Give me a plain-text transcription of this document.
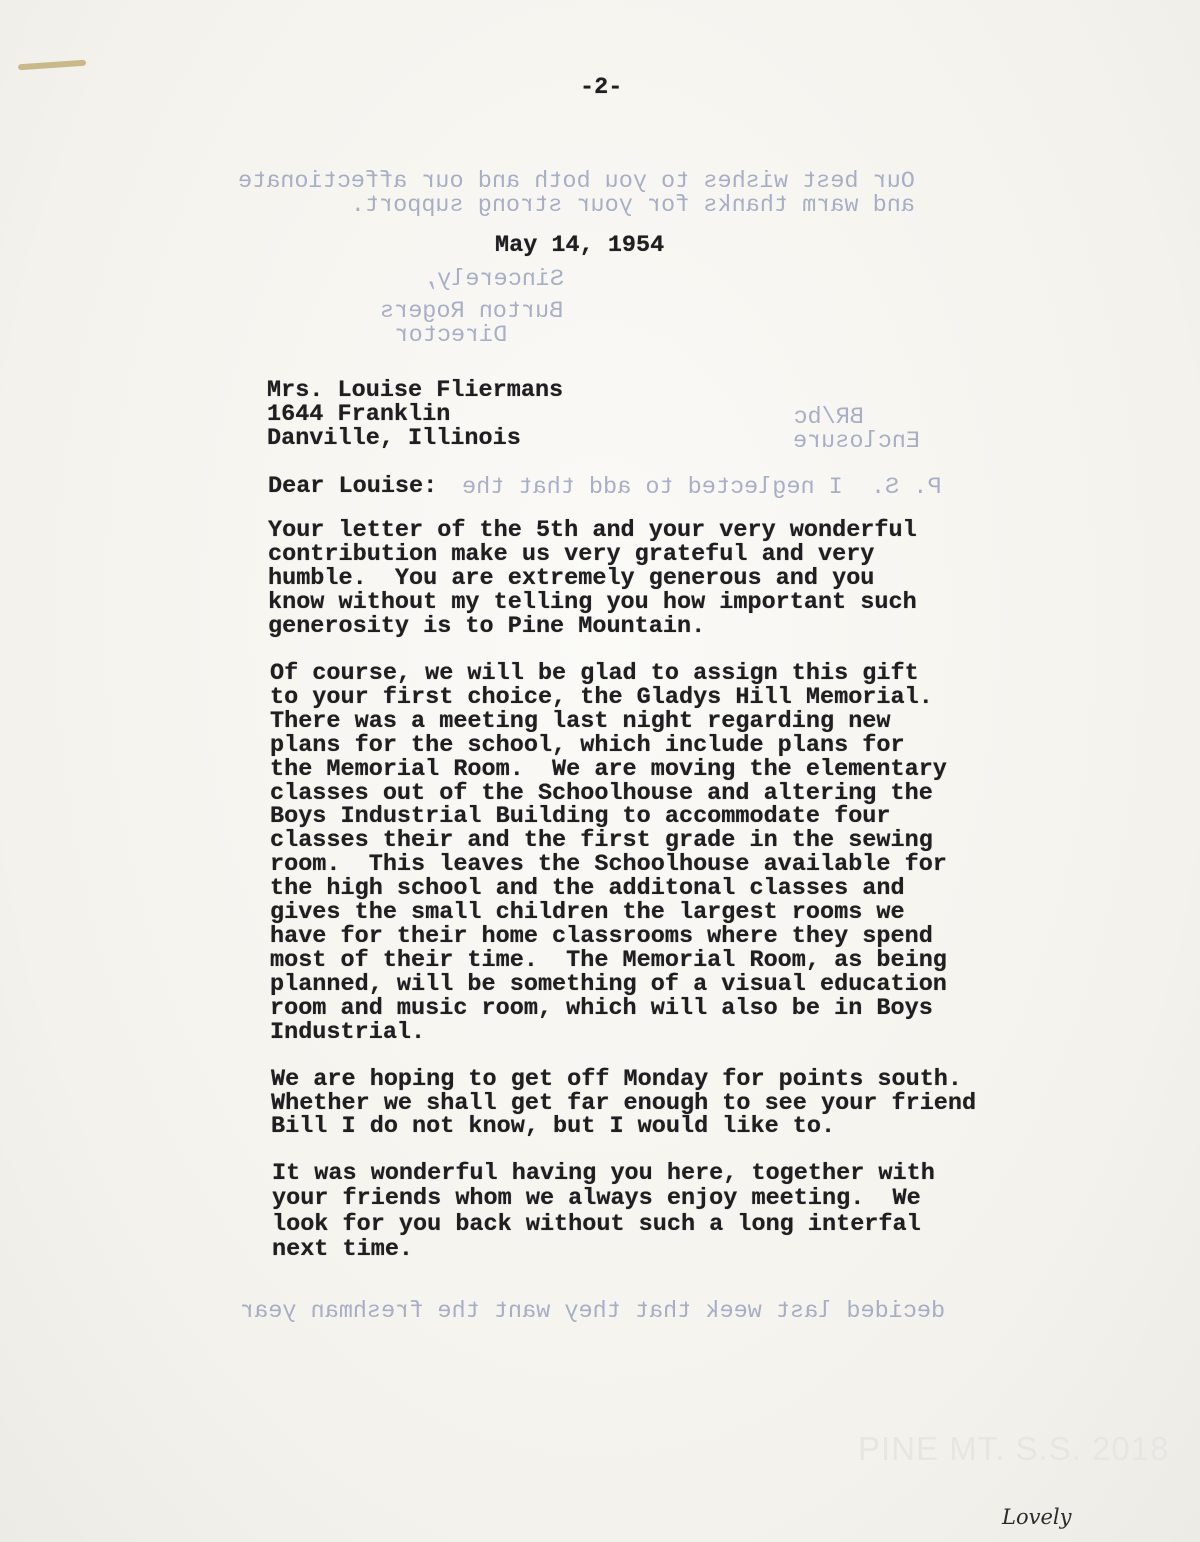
Our best wishes to you both and our affectionate
and warm thanks for your strong support.
Sincerely,
Burton Rogers
Director
BR/bc
Enclosure
P. S.  I neglected to add that the
decided last week that they want the freshman year
-2-
May 14, 1954
Mrs. Louise Fliermans
1644 Franklin
Danville, Illinois
Dear Louise:
Your letter of the 5th and your very wonderful
contribution make us very grateful and very
humble.  You are extremely generous and you
know without my telling you how important such
generosity is to Pine Mountain.
Of course, we will be glad to assign this gift
to your first choice, the Gladys Hill Memorial.
There was a meeting last night regarding new
plans for the school, which include plans for
the Memorial Room.  We are moving the elementary
classes out of the Schoolhouse and altering the
Boys Industrial Building to accommodate four
classes their and the first grade in the sewing
room.  This leaves the Schoolhouse available for
the high school and the additonal classes and
gives the small children the largest rooms we
have for their home classrooms where they spend
most of their time.  The Memorial Room, as being
planned, will be something of a visual education
room and music room, which will also be in Boys
Industrial.
We are hoping to get off Monday for points south.
Whether we shall get far enough to see your friend
Bill I do not know, but I would like to.
It was wonderful having you here, together with
your friends whom we always enjoy meeting.  We
look for you back without such a long interfal
next time.
PINE MT. S.S. 2018
Lovely
